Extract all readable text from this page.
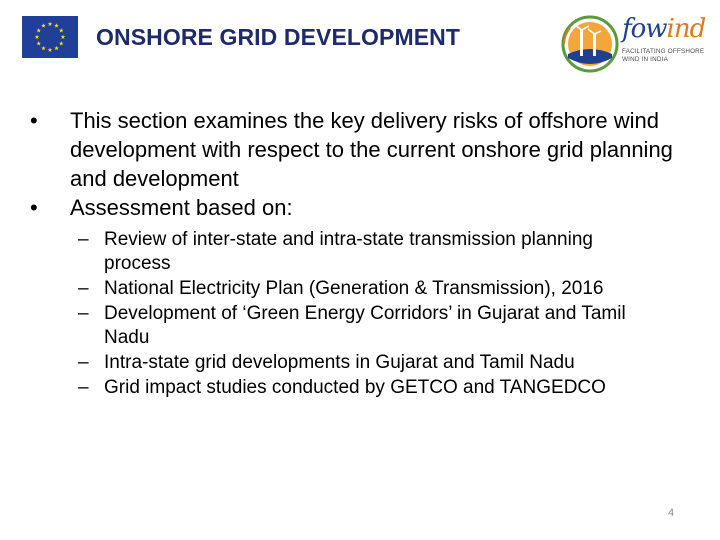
ONSHORE GRID DEVELOPMENT	fowind
FACILITATING OFFSHORE WIND IN INDIA
• This section examines the key delivery risks of offshore wind development with respect to the current onshore grid planning and development
• Assessment based on:
– Review of inter-state and intra-state transmission planning process
– National Electricity Plan (Generation & Transmission), 2016
– Development of ‘Green Energy Corridors’ in Gujarat and Tamil Nadu
– Intra-state grid developments in Gujarat and Tamil Nadu
– Grid impact studies conducted by GETCO and TANGEDCO
4
